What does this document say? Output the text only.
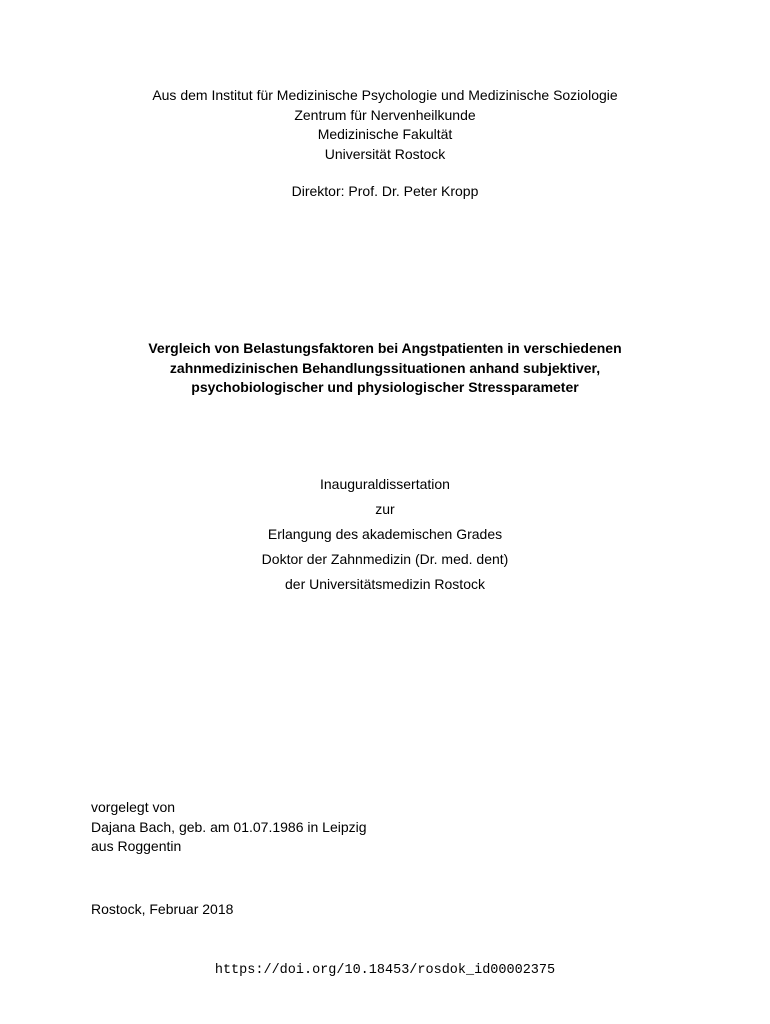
Aus dem Institut für Medizinische Psychologie und Medizinische Soziologie
Zentrum für Nervenheilkunde
Medizinische Fakultät
Universität Rostock
Direktor: Prof. Dr. Peter Kropp
Vergleich von Belastungsfaktoren bei Angstpatienten in verschiedenen
zahnmedizinischen Behandlungssituationen anhand subjektiver,
psychobiologischer und physiologischer Stressparameter
Inauguraldissertation
zur
Erlangung des akademischen Grades
Doktor der Zahnmedizin (Dr. med. dent)
der Universitätsmedizin Rostock
vorgelegt von
Dajana Bach, geb. am 01.07.1986 in Leipzig
aus Roggentin
Rostock, Februar 2018
https://doi.org/10.18453/rosdok_id00002375
